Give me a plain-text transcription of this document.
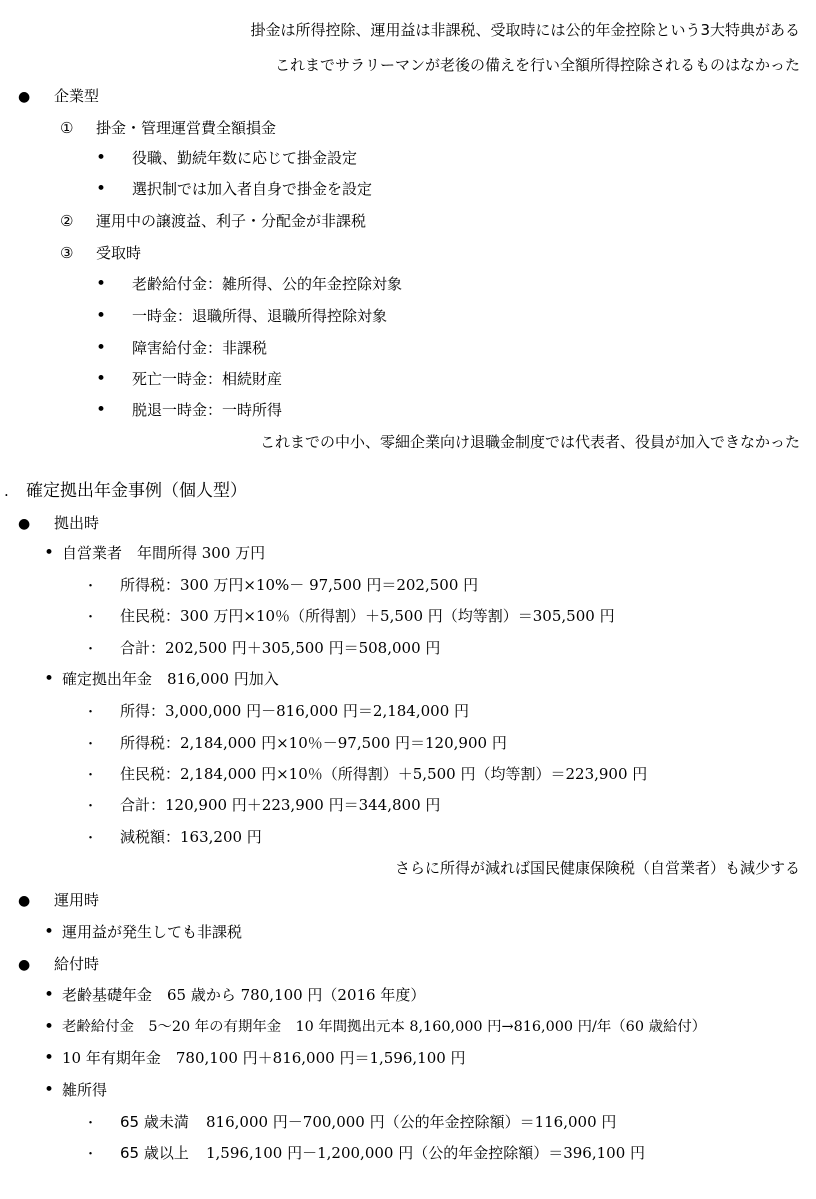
掛金は所得控除、運用益は非課税、受取時には公的年金控除という3大特典がある
これまでサラリーマンが老後の備えを行い全額所得控除されるものはなかった
●
企業型
① 掛金・管理運営費全額損金
•
役職、勤続年数に応じて掛金設定
•
選択制では加入者自身で掛金を設定
② 運用中の譲渡益、利子・分配金が非課税
③ 受取時
•
老齢給付金：雑所得、公的年金控除対象
•
一時金：退職所得、退職所得控除対象
•
障害給付金：非課税
•
死亡一時金：相続財産
•
脱退一時金：一時所得
これまでの中小、零細企業向け退職金制度では代表者、役員が加入できなかった
. 確定拠出年金事例（個人型）
●
拠出時
•
自営業者　年間所得 300 万円
・
所得税：300 万円×10%－ 97,500 円＝202,500 円
・
住民税：300 万円×10％（所得割）＋5,500 円（均等割）＝305,500 円
・
合計：202,500 円＋305,500 円＝508,000 円
•
確定拠出年金　816,000 円加入
・
所得：3,000,000 円－816,000 円＝2,184,000 円
・
所得税：2,184,000 円×10％－97,500 円＝120,900 円
・
住民税：2,184,000 円×10％（所得割）＋5,500 円（均等割）＝223,900 円
・
合計：120,900 円＋223,900 円＝344,800 円
・
減税額：163,200 円
さらに所得が減れば国民健康保険税（自営業者）も減少する
●
運用時
•
運用益が発生しても非課税
●
給付時
•
老齢基礎年金　65 歳から 780,100 円（2016 年度）
•
老齢給付金　5～20 年の有期年金　10 年間拠出元本 8,160,000 円→816,000 円/年（60 歳給付）
•
10 年有期年金　780,100 円＋816,000 円＝1,596,100 円
•
雑所得
・
65 歳未満 816,000 円－700,000 円（公的年金控除額）＝116,000 円
・
65 歳以上 1,596,100 円－1,200,000 円（公的年金控除額）＝396,100 円
